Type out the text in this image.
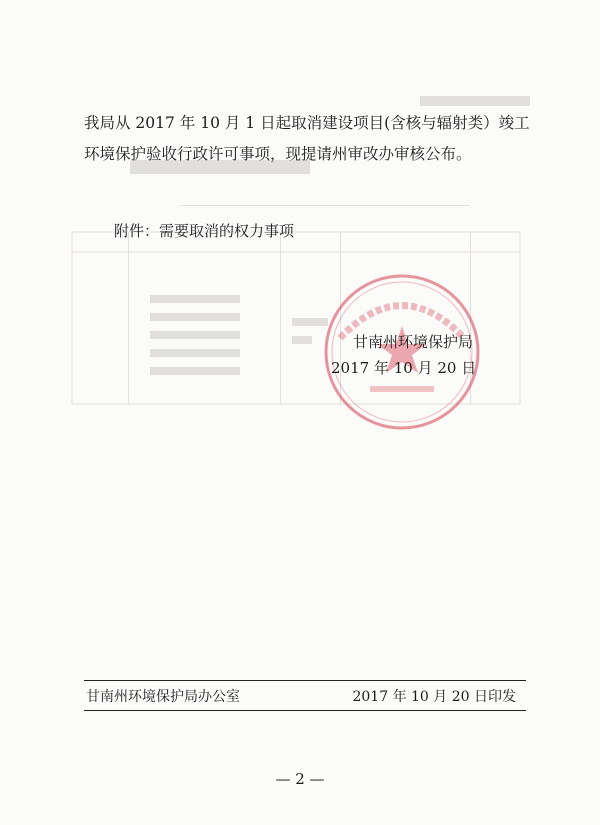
我局从 2017 年 10 月 1 日起取消建设项目(含核与辐射类）竣工
环境保护验收行政许可事项，现提请州审改办审核公布。
附件：需要取消的权力事项
甘南州环境保护局
2017 年 10 月 20 日
甘南州环境保护局办公室	2017 年 10 月 20 日印发
— 2 —
